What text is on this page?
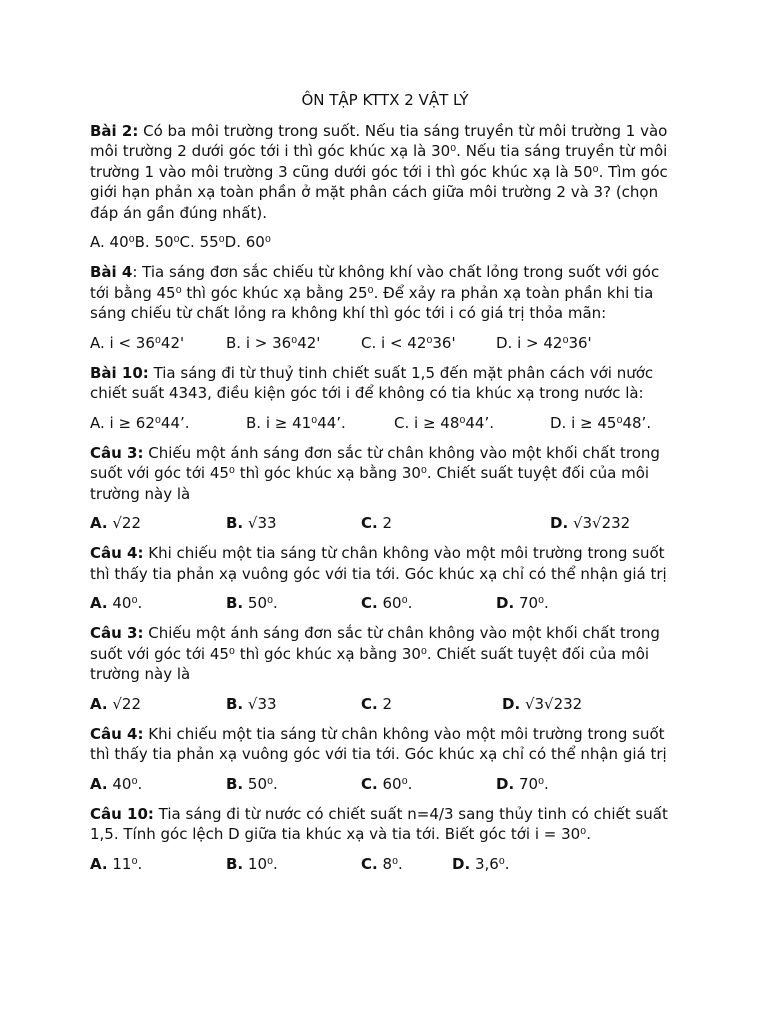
ÔN TẬP KTTX 2 VẬT LÝ

Bài 2: Có ba môi trường trong suốt. Nếu tia sáng truyền từ môi trường 1 vào môi trường 2 dưới góc tới i thì góc khúc xạ là 30⁰. Nếu tia sáng truyền từ môi trường 1 vào môi trường 3 cũng dưới góc tới i thì góc khúc xạ là 50⁰. Tìm góc giới hạn phản xạ toàn phần ở mặt phân cách giữa môi trường 2 và 3? (chọn đáp án gần đúng nhất).

A. 40⁰B. 50⁰C. 55⁰D. 60⁰

Bài 4: Tia sáng đơn sắc chiếu từ không khí vào chất lỏng trong suốt với góc tới bằng 45⁰ thì góc khúc xạ bằng 25⁰. Để xảy ra phản xạ toàn phần khi tia sáng chiếu từ chất lỏng ra không khí thì góc tới i có giá trị thỏa mãn:

A. i < 36⁰42'	B. i > 36⁰42'	C. i < 42⁰36'	D. i > 42⁰36'

Bài 10: Tia sáng đi từ thuỷ tinh chiết suất 1,5 đến mặt phân cách với nước chiết suất 4343, điều kiện góc tới i để không có tia khúc xạ trong nước là:

A. i ≥ 62⁰44’.	B. i ≥ 41⁰44’.	C. i ≥ 48⁰44’.	D. i ≥ 45⁰48’.

Câu 3: Chiếu một ánh sáng đơn sắc từ chân không vào một khối chất trong suốt với góc tới 45⁰ thì góc khúc xạ bằng 30⁰. Chiết suất tuyệt đối của môi trường này là

A. √22	B. √33	C. 2	D. √3√232

Câu 4: Khi chiếu một tia sáng từ chân không vào một môi trường trong suốt thì thấy tia phản xạ vuông góc với tia tới. Góc khúc xạ chỉ có thể nhận giá trị

A. 40⁰.	B. 50⁰.	C. 60⁰.	D. 70⁰.

Câu 3: Chiếu một ánh sáng đơn sắc từ chân không vào một khối chất trong suốt với góc tới 45⁰ thì góc khúc xạ bằng 30⁰. Chiết suất tuyệt đối của môi trường này là

A. √22	B. √33	C. 2	D. √3√232

Câu 4: Khi chiếu một tia sáng từ chân không vào một môi trường trong suốt thì thấy tia phản xạ vuông góc với tia tới. Góc khúc xạ chỉ có thể nhận giá trị

A. 40⁰.	B. 50⁰.	C. 60⁰.	D. 70⁰.

Câu 10: Tia sáng đi từ nước có chiết suất n=4/3 sang thủy tinh có chiết suất 1,5. Tính góc lệch D giữa tia khúc xạ và tia tới. Biết góc tới i = 30⁰.

A. 11⁰.	B. 10⁰.	C. 8⁰.	D. 3,6⁰.
